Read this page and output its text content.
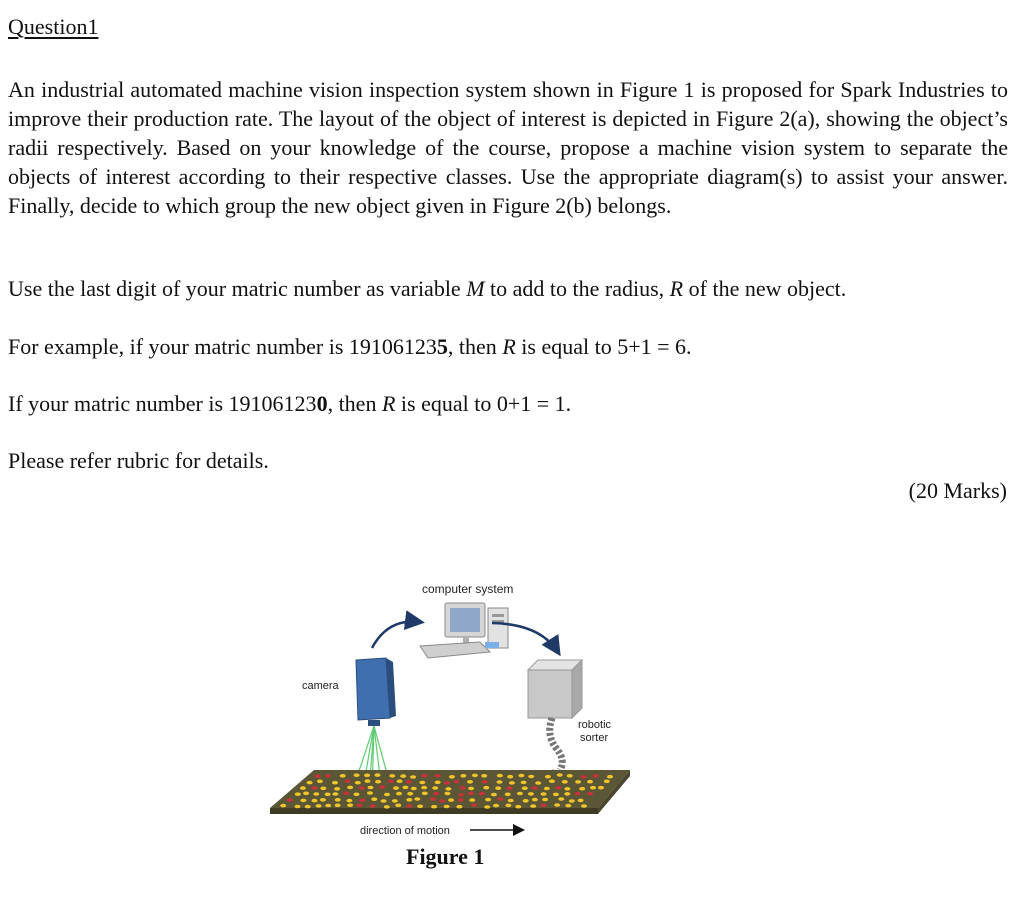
Question1
An industrial automated machine vision inspection system shown in Figure 1 is proposed for Spark Industries to improve their production rate. The layout of the object of interest is depicted in Figure 2(a), showing the object’s radii respectively. Based on your knowledge of the course, propose a machine vision system to separate the objects of interest according to their respective classes. Use the appropriate diagram(s) to assist your answer. Finally, decide to which group the new object given in Figure 2(b) belongs.
Use the last digit of your matric number as variable M to add to the radius, R of the new object.
For example, if your matric number is 191061235, then R is equal to 5+1 = 6.
If your matric number is 191061230, then R is equal to 0+1 = 1.
Please refer rubric for details.
(20 Marks)
computer system
camera
robotic
sorter
direction of motion
Figure 1
